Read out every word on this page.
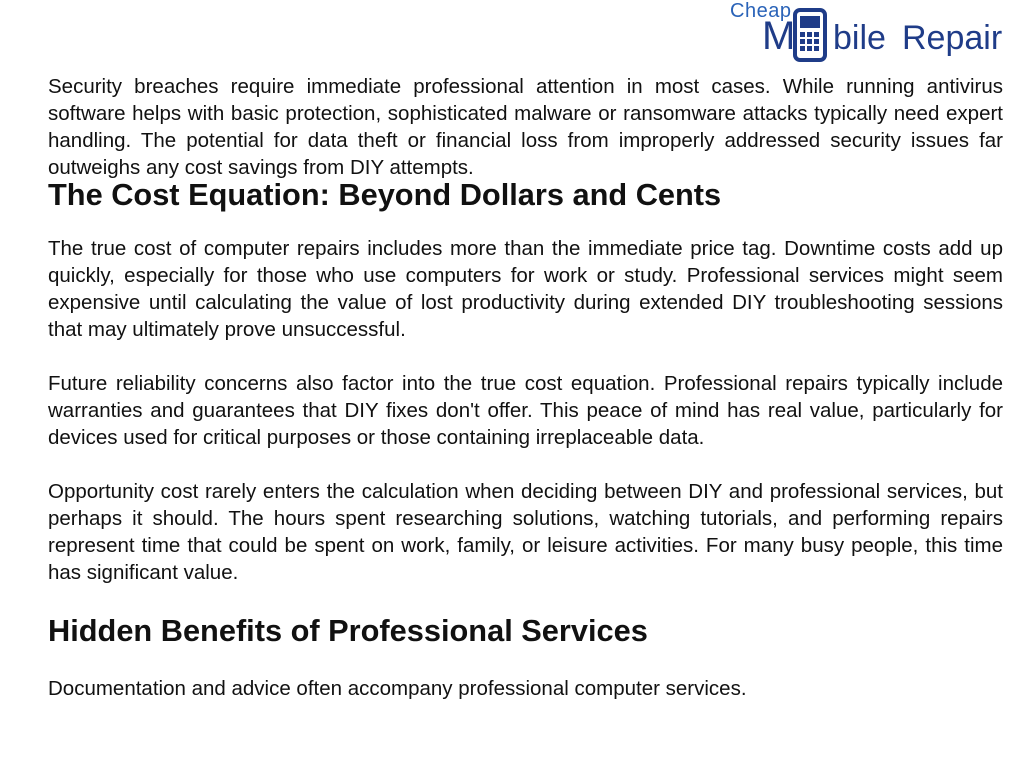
Cheap
M bile Repair

Security breaches require immediate professional attention in most cases. While running antivirus software helps with basic protection, sophisticated malware or ransomware attacks typically need expert handling. The potential for data theft or financial loss from improperly addressed security issues far outweighs any cost savings from DIY attempts.

The Cost Equation: Beyond Dollars and Cents

The true cost of computer repairs includes more than the immediate price tag. Downtime costs add up quickly, especially for those who use computers for work or study. Professional services might seem expensive until calculating the value of lost productivity during extended DIY troubleshooting sessions that may ultimately prove unsuccessful.

Future reliability concerns also factor into the true cost equation. Professional repairs typically include warranties and guarantees that DIY fixes don't offer. This peace of mind has real value, particularly for devices used for critical purposes or those containing irreplaceable data.

Opportunity cost rarely enters the calculation when deciding between DIY and professional services, but perhaps it should. The hours spent researching solutions, watching tutorials, and performing repairs represent time that could be spent on work, family, or leisure activities. For many busy people, this time has significant value.

Hidden Benefits of Professional Services

Documentation and advice often accompany professional computer services.
